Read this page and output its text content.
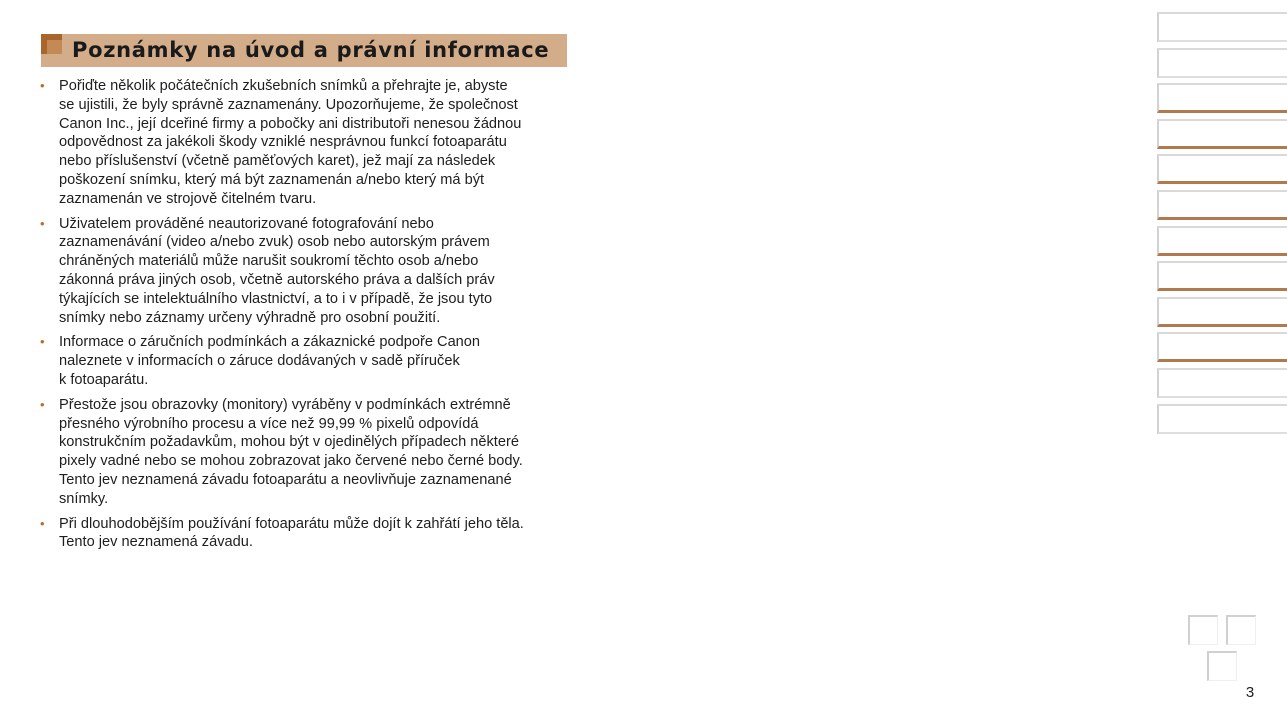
Poznámky na úvod a právní informace
• Pořiďte několik počátečních zkušebních snímků a přehrajte je, abyste
se ujistili, že byly správně zaznamenány. Upozorňujeme, že společnost
Canon Inc., její dceřiné firmy a pobočky ani distributoři nenesou žádnou
odpovědnost za jakékoli škody vzniklé nesprávnou funkcí fotoaparátu
nebo příslušenství (včetně paměťových karet), jež mají za následek
poškození snímku, který má být zaznamenán a/nebo který má být
zaznamenán ve strojově čitelném tvaru.
• Uživatelem prováděné neautorizované fotografování nebo
zaznamenávání (video a/nebo zvuk) osob nebo autorským právem
chráněných materiálů může narušit soukromí těchto osob a/nebo
zákonná práva jiných osob, včetně autorského práva a dalších práv
týkajících se intelektuálního vlastnictví, a to i v případě, že jsou tyto
snímky nebo záznamy určeny výhradně pro osobní použití.
• Informace o záručních podmínkách a zákaznické podpoře Canon
naleznete v informacích o záruce dodávaných v sadě příruček
k fotoaparátu.
• Přestože jsou obrazovky (monitory) vyráběny v podmínkách extrémně
přesného výrobního procesu a více než 99,99 % pixelů odpovídá
konstrukčním požadavkům, mohou být v ojedinělých případech některé
pixely vadné nebo se mohou zobrazovat jako červené nebo černé body.
Tento jev neznamená závadu fotoaparátu a neovlivňuje zaznamenané
snímky.
• Při dlouhodobějším používání fotoaparátu může dojít k zahřátí jeho těla.
Tento jev neznamená závadu.
3
